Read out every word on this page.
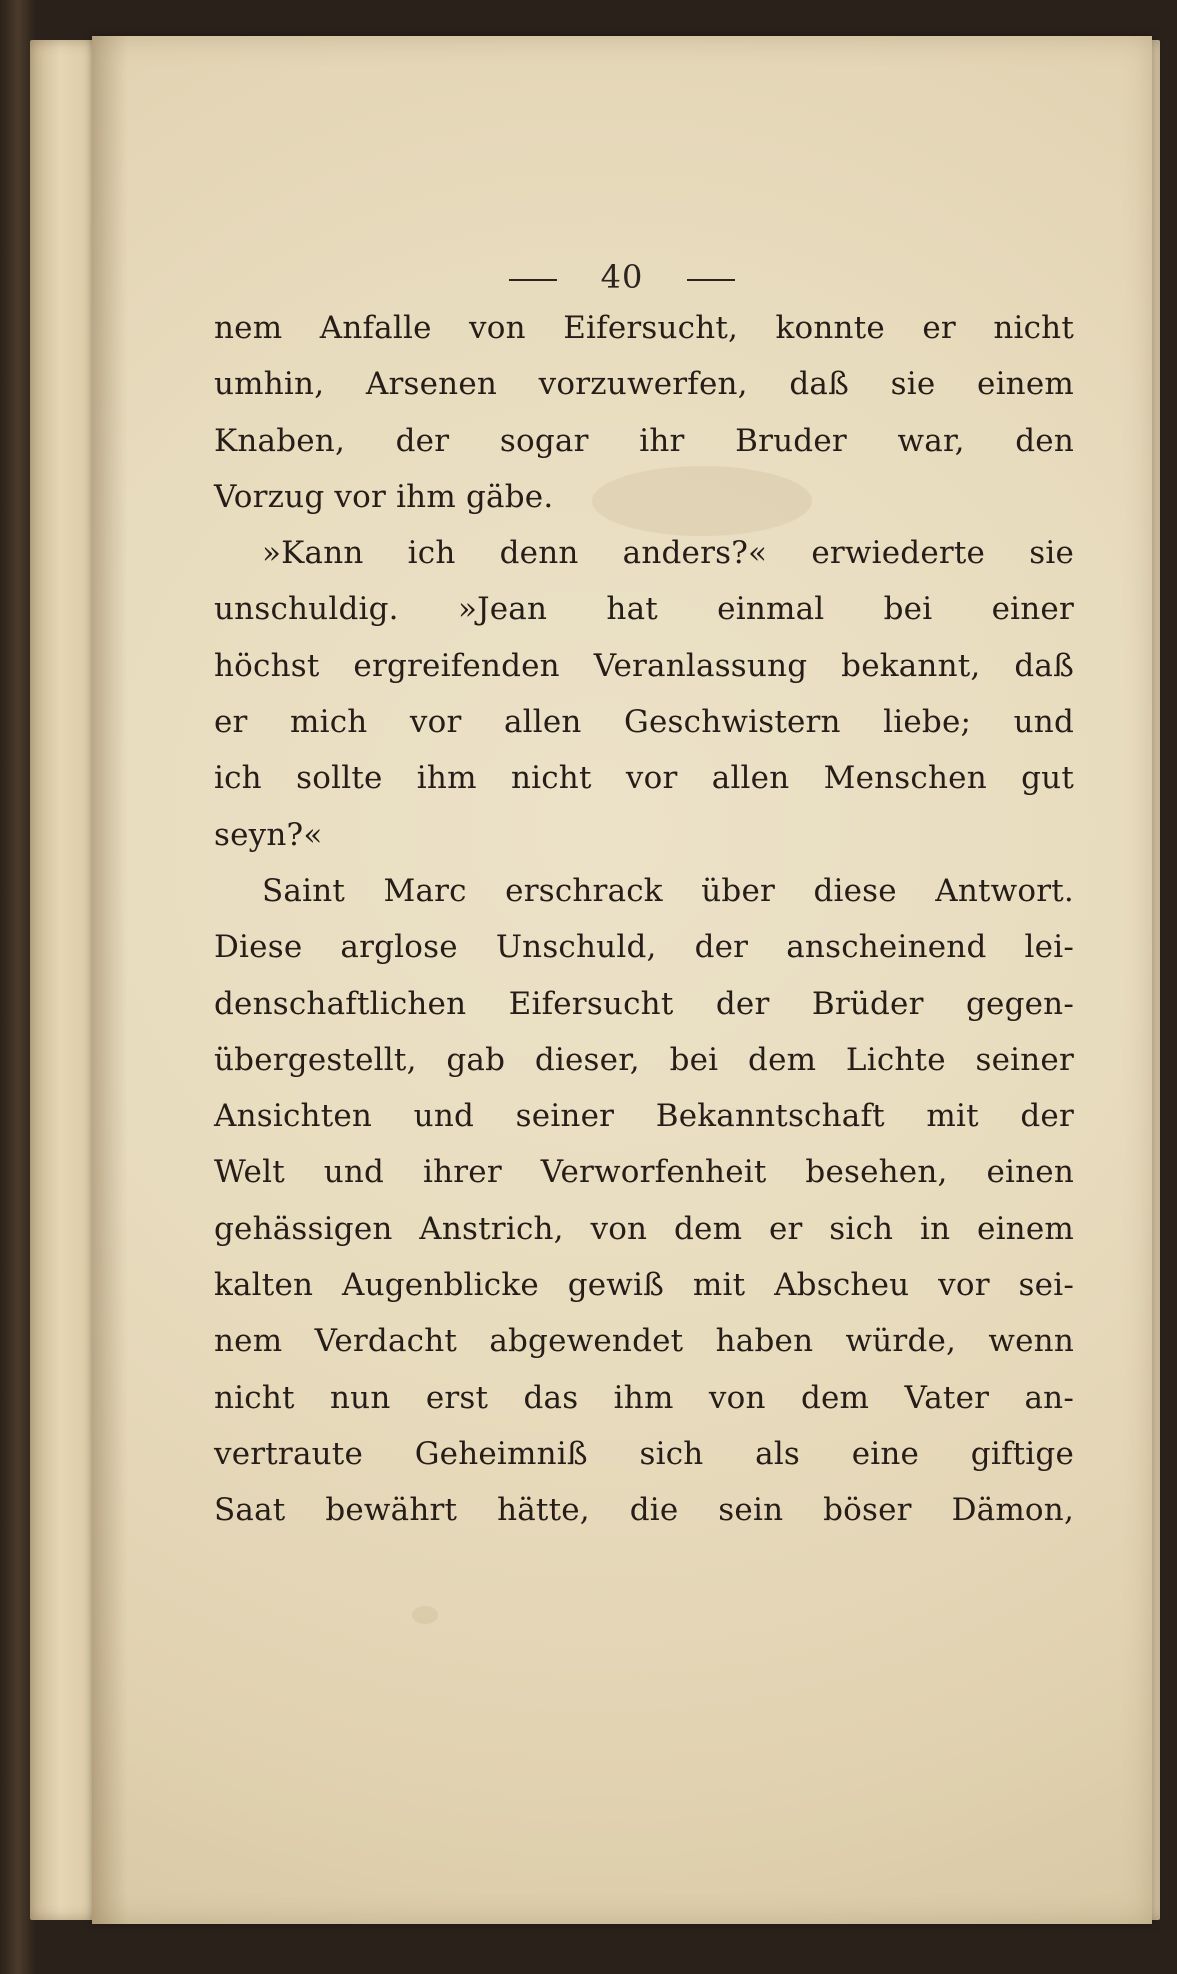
40
nem Anfalle von Eifersucht, konnte er nicht
umhin, Arsenen vorzuwerfen, daß sie einem
Knaben, der sogar ihr Bruder war, den
Vorzug vor ihm gäbe.
»Kann ich denn anders?« erwiederte sie
unschuldig. »Jean hat einmal bei einer
höchst ergreifenden Veranlassung bekannt, daß
er mich vor allen Geschwistern liebe; und
ich sollte ihm nicht vor allen Menschen gut
seyn?«
Saint Marc erschrack über diese Antwort.
Diese arglose Unschuld, der anscheinend lei-
denschaftlichen Eifersucht der Brüder gegen-
übergestellt, gab dieser, bei dem Lichte seiner
Ansichten und seiner Bekanntschaft mit der
Welt und ihrer Verworfenheit besehen, einen
gehässigen Anstrich, von dem er sich in einem
kalten Augenblicke gewiß mit Abscheu vor sei-
nem Verdacht abgewendet haben würde, wenn
nicht nun erst das ihm von dem Vater an-
vertraute Geheimniß sich als eine giftige
Saat bewährt hätte, die sein böser Dämon,
